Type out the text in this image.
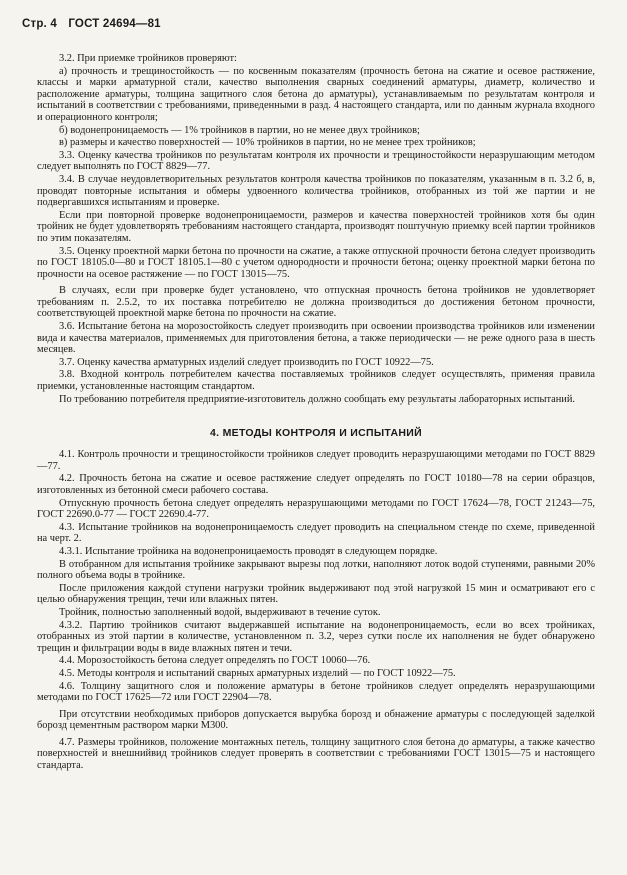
Стр. 4 ГОСТ 24694—81

3.2. При приемке тройников проверяют:

а) прочность и трещиностойкость — по косвенным показателям (прочность бетона на сжатие и осевое растяжение, классы и марки арматурной стали, качество выполнения сварных соединений арматуры, диаметр, количество и расположение арматуры, толщина защитного слоя бетона до арматуры), устанавливаемым по результатам контроля и испытаний в соответствии с требованиями, приведенными в разд. 4 настоящего стандарта, или по данным журнала входного и операционного контроля;

б) водонепроницаемость — 1% тройников в партии, но не менее двух тройников;

в) размеры и качество поверхностей — 10% тройников в партии, но не менее трех тройников;

3.3. Оценку качества тройников по результатам контроля их прочности и трещиностойкости неразрушающим методом следует выполнять по ГОСТ 8829—77.

3.4. В случае неудовлетворительных результатов контроля качества тройников по показателям, указанным в п. 3.2 б, в, проводят повторные испытания и обмеры удвоенного количества тройников, отобранных из той же партии и не подвергавшихся испытаниям и проверке.

Если при повторной проверке водонепроницаемости, размеров и качества поверхностей тройников хотя бы один тройник не будет удовлетворять требованиям настоящего стандарта, производят поштучную приемку всей партии тройников по этим показателям.

3.5. Оценку проектной марки бетона по прочности на сжатие, а также отпускной прочности бетона следует производить по ГОСТ 18105.0—80 и ГОСТ 18105.1—80 с учетом однородности и прочности бетона; оценку проектной марки бетона по прочности на осевое растяжение — по ГОСТ 13015—75.

В случаях, если при проверке будет установлено, что отпускная прочность бетона тройников не удовлетворяет требованиям п. 2.5.2, то их поставка потребителю не должна производиться до достижения бетоном прочности, соответствующей проектной марке бетона по прочности на сжатие.

3.6. Испытание бетона на морозостойкость следует производить при освоении производства тройников или изменении вида и качества материалов, применяемых для приготовления бетона, а также периодически — не реже одного раза в шесть месяцев.

3.7. Оценку качества арматурных изделий следует производить по ГОСТ 10922—75.

3.8. Входной контроль потребителем качества поставляемых тройников следует осуществлять, применяя правила приемки, установленные настоящим стандартом.

По требованию потребителя предприятие-изготовитель должно сообщать ему результаты лабораторных испытаний.

4. МЕТОДЫ КОНТРОЛЯ И ИСПЫТАНИЙ

4.1. Контроль прочности и трещиностойкости тройников следует проводить неразрушающими методами по ГОСТ 8829—77.

4.2. Прочность бетона на сжатие и осевое растяжение следует определять по ГОСТ 10180—78 на серии образцов, изготовленных из бетонной смеси рабочего состава.

Отпускную прочность бетона следует определять неразрушающими методами по ГОСТ 17624—78, ГОСТ 21243—75, ГОСТ 22690.0-77 — ГОСТ 22690.4-77.

4.3. Испытание тройников на водонепроницаемость следует проводить на специальном стенде по схеме, приведенной на черт. 2.

4.3.1. Испытание тройника на водонепроницаемость проводят в следующем порядке.

В отобранном для испытания тройнике закрывают вырезы под лотки, наполняют лоток водой ступенями, равными 20% полного объема воды в тройнике.

После приложения каждой ступени нагрузки тройник выдерживают под этой нагрузкой 15 мин и осматривают его с целью обнаружения трещин, течи или влажных пятен.

Тройник, полностью заполненный водой, выдерживают в течение суток.

4.3.2. Партию тройников считают выдержавшей испытание на водонепроницаемость, если во всех тройниках, отобранных из этой партии в количестве, установленном п. 3.2, через сутки после их наполнения не будет обнаружено трещин и фильтрации воды в виде влажных пятен и течи.

4.4. Морозостойкость бетона следует определять по ГОСТ 10060—76.

4.5. Методы контроля и испытаний сварных арматурных изделий — по ГОСТ 10922—75.

4.6. Толщину защитного слоя и положение арматуры в бетоне тройников следует определять неразрушающими методами по ГОСТ 17625—72 или ГОСТ 22904—78.

При отсутствии необходимых приборов допускается вырубка борозд и обнажение арматуры с последующей заделкой борозд цементным раствором марки М300.

4.7. Размеры тройников, положение монтажных петель, толщину защитного слоя бетона до арматуры, а также качество поверхностей и внешнийвид тройников следует проверять в соответствии с требованиями ГОСТ 13015—75 и настоящего стандарта.
